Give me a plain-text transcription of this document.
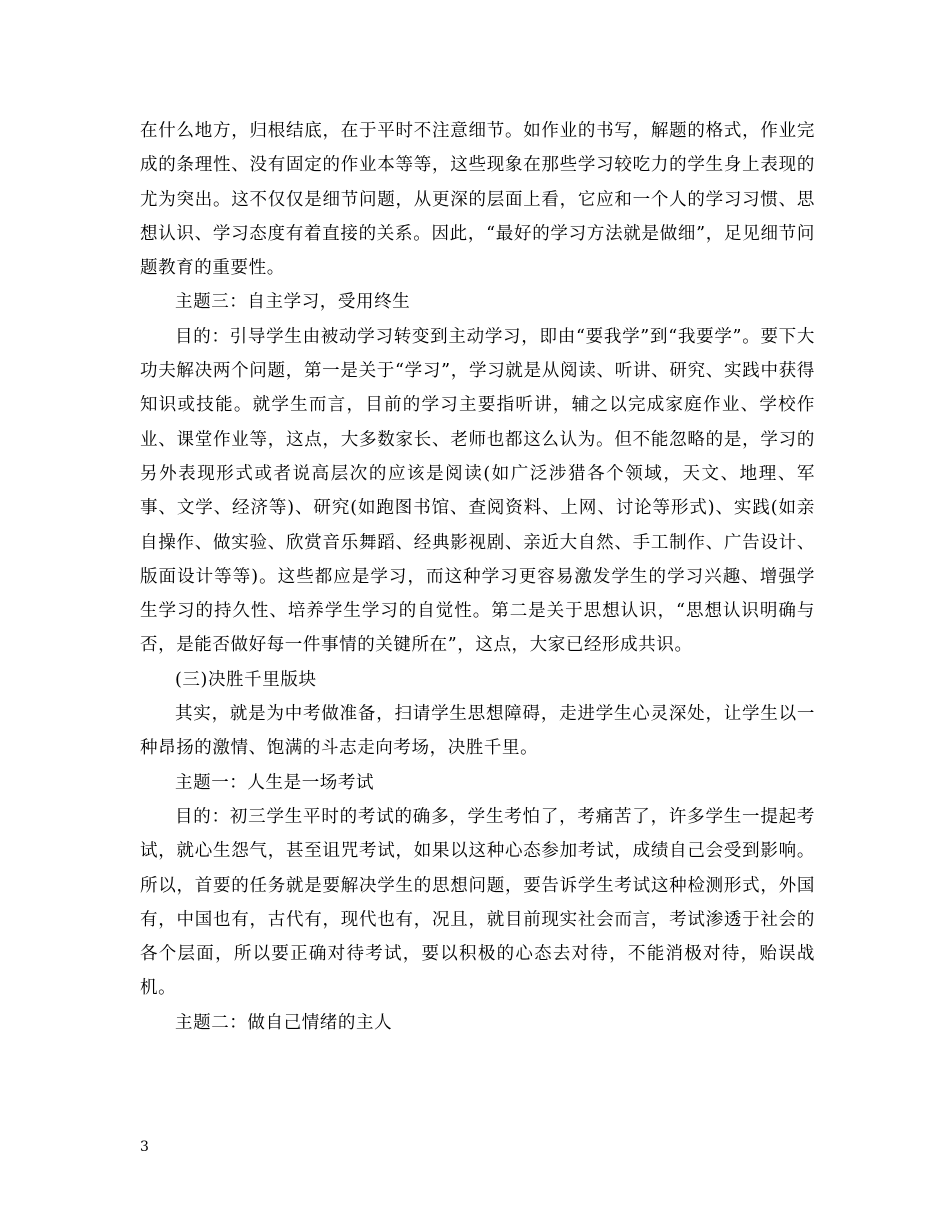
在什么地方，归根结底，在于平时不注意细节。如作业的书写，解题的格式，作业完成的条理性、没有固定的作业本等等，这些现象在那些学习较吃力的学生身上表现的尤为突出。这不仅仅是细节问题，从更深的层面上看，它应和一个人的学习习惯、思想认识、学习态度有着直接的关系。因此，“最好的学习方法就是做细”，足见细节问题教育的重要性。

主题三：自主学习，受用终生

目的：引导学生由被动学习转变到主动学习，即由“要我学”到“我要学”。要下大功夫解决两个问题，第一是关于“学习”，学习就是从阅读、听讲、研究、实践中获得知识或技能。就学生而言，目前的学习主要指听讲，辅之以完成家庭作业、学校作业、课堂作业等，这点，大多数家长、老师也都这么认为。但不能忽略的是，学习的另外表现形式或者说高层次的应该是阅读(如广泛涉猎各个领域，天文、地理、军事、文学、经济等)、研究(如跑图书馆、查阅资料、上网、讨论等形式)、实践(如亲自操作、做实验、欣赏音乐舞蹈、经典影视剧、亲近大自然、手工制作、广告设计、版面设计等等)。这些都应是学习，而这种学习更容易激发学生的学习兴趣、增强学生学习的持久性、培养学生学习的自觉性。第二是关于思想认识，“思想认识明确与否，是能否做好每一件事情的关键所在”，这点，大家已经形成共识。

(三)决胜千里版块

其实，就是为中考做准备，扫请学生思想障碍，走进学生心灵深处，让学生以一种昂扬的激情、饱满的斗志走向考场，决胜千里。

主题一：人生是一场考试

目的：初三学生平时的考试的确多，学生考怕了，考痛苦了，许多学生一提起考试，就心生怨气，甚至诅咒考试，如果以这种心态参加考试，成绩自己会受到影响。所以，首要的任务就是要解决学生的思想问题，要告诉学生考试这种检测形式，外国有，中国也有，古代有，现代也有，况且，就目前现实社会而言，考试渗透于社会的各个层面，所以要正确对待考试，要以积极的心态去对待，不能消极对待，贻误战机。

主题二：做自己情绪的主人

3
